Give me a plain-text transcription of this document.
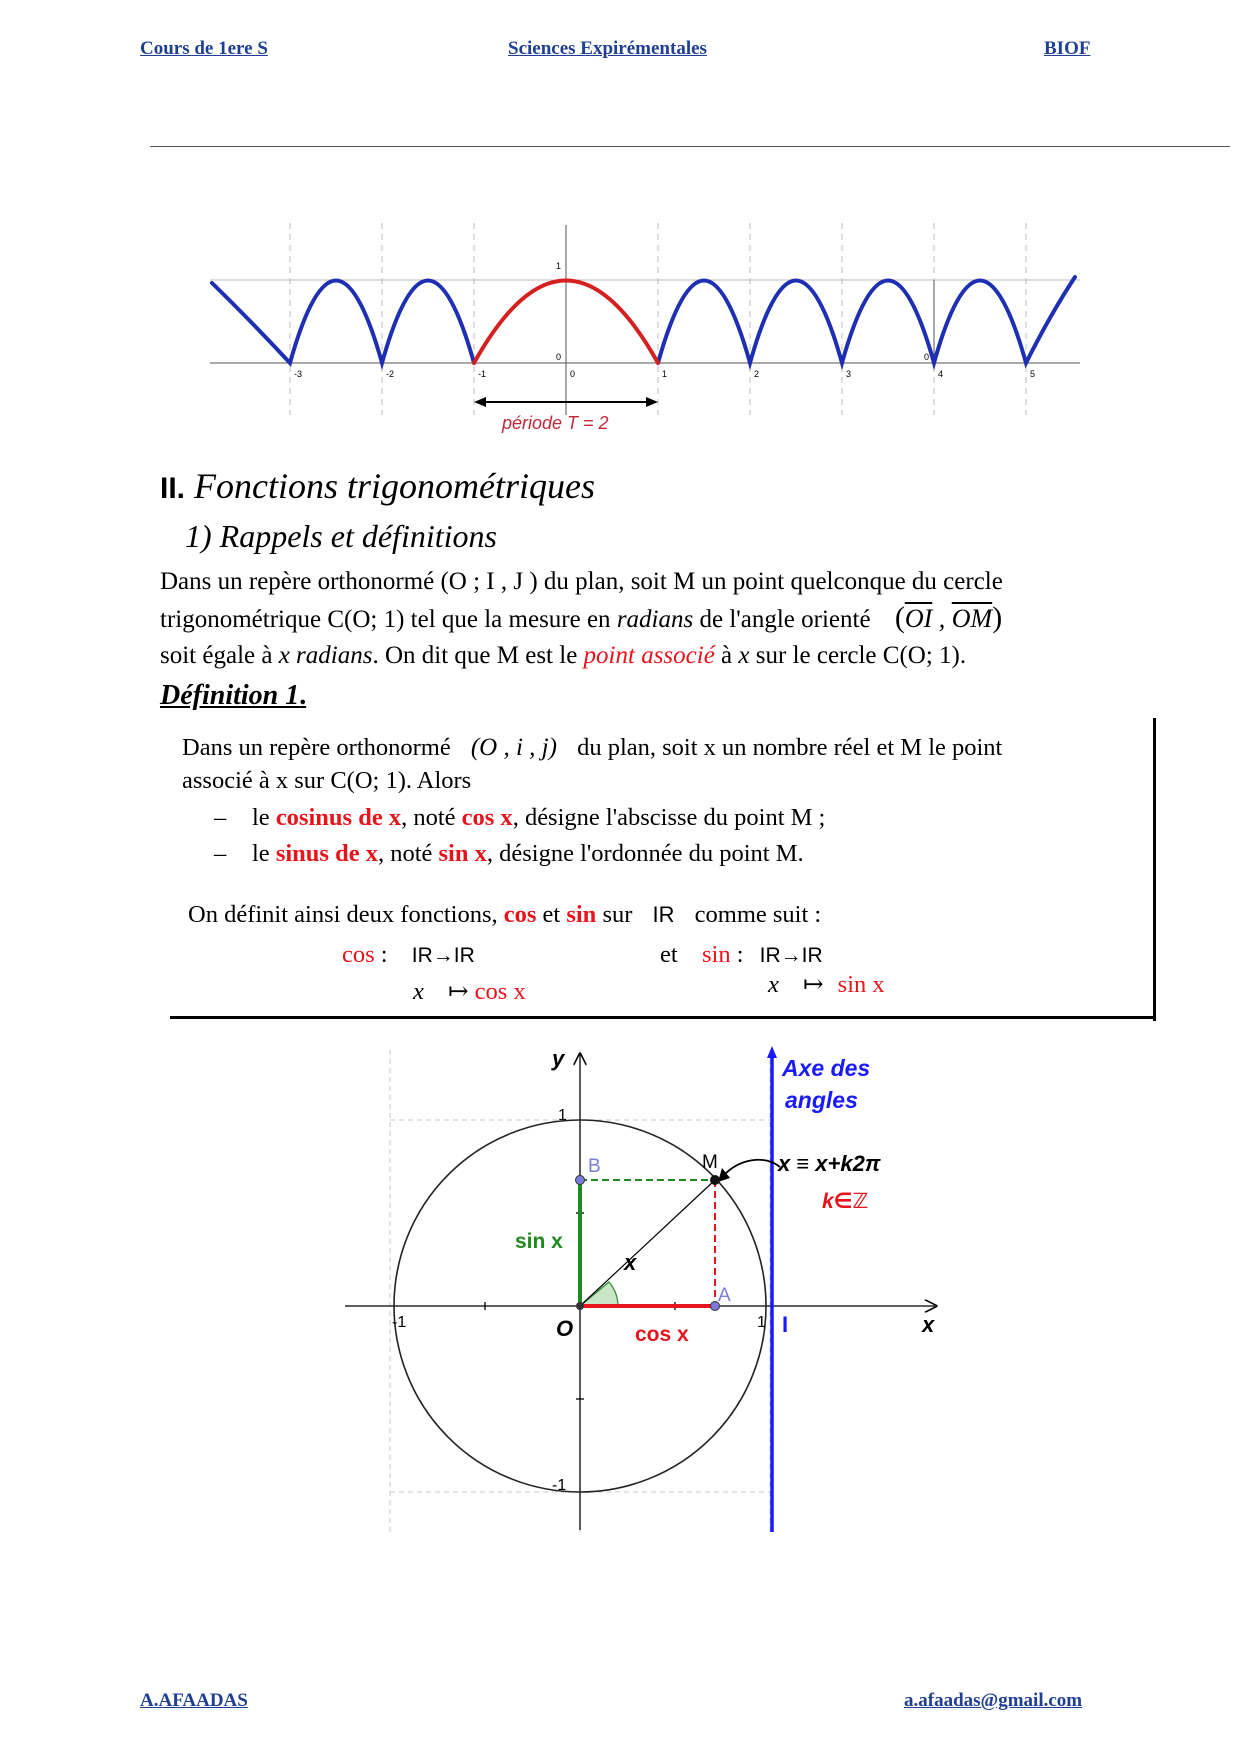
Cours de 1ere S	Sciences Expirémentales	BIOF
1
0	0
-3	-2	-1	0	1	2	3	4	5
période T = 2
II. Fonctions trigonométriques
1) Rappels et définitions
Dans un repère orthonormé (O ; I , J ) du plan, soit M un point quelconque du cercle
trigonométrique C(O; 1) tel que la mesure en radians de l'angle orienté ($\overline{OI}$ , $\overline{OM}$)
soit égale à x radians. On dit que M est le point associé à x sur le cercle C(O; 1).
Définition 1.
Dans un repère orthonormé (O , i , j) du plan, soit x un nombre réel et M le point
associé à x sur C(O; 1). Alors
– le cosinus de x, noté cos x, désigne l'abscisse du point M ;
– le sinus de x, noté sin x, désigne l'ordonnée du point M.
On définit ainsi deux fonctions, cos et sin sur IR comme suit :
cos : IR→IR
x ↦ cos x
et sin : IR→IR
x ↦ sin x
y
x
1
-1
-1	1
O	I
B
A
M
x
sin x
cos x
Axe des
angles
x ≡ x+k2π
k∈ℤ
A.AFAADAS	a.afaadas@gmail.com
